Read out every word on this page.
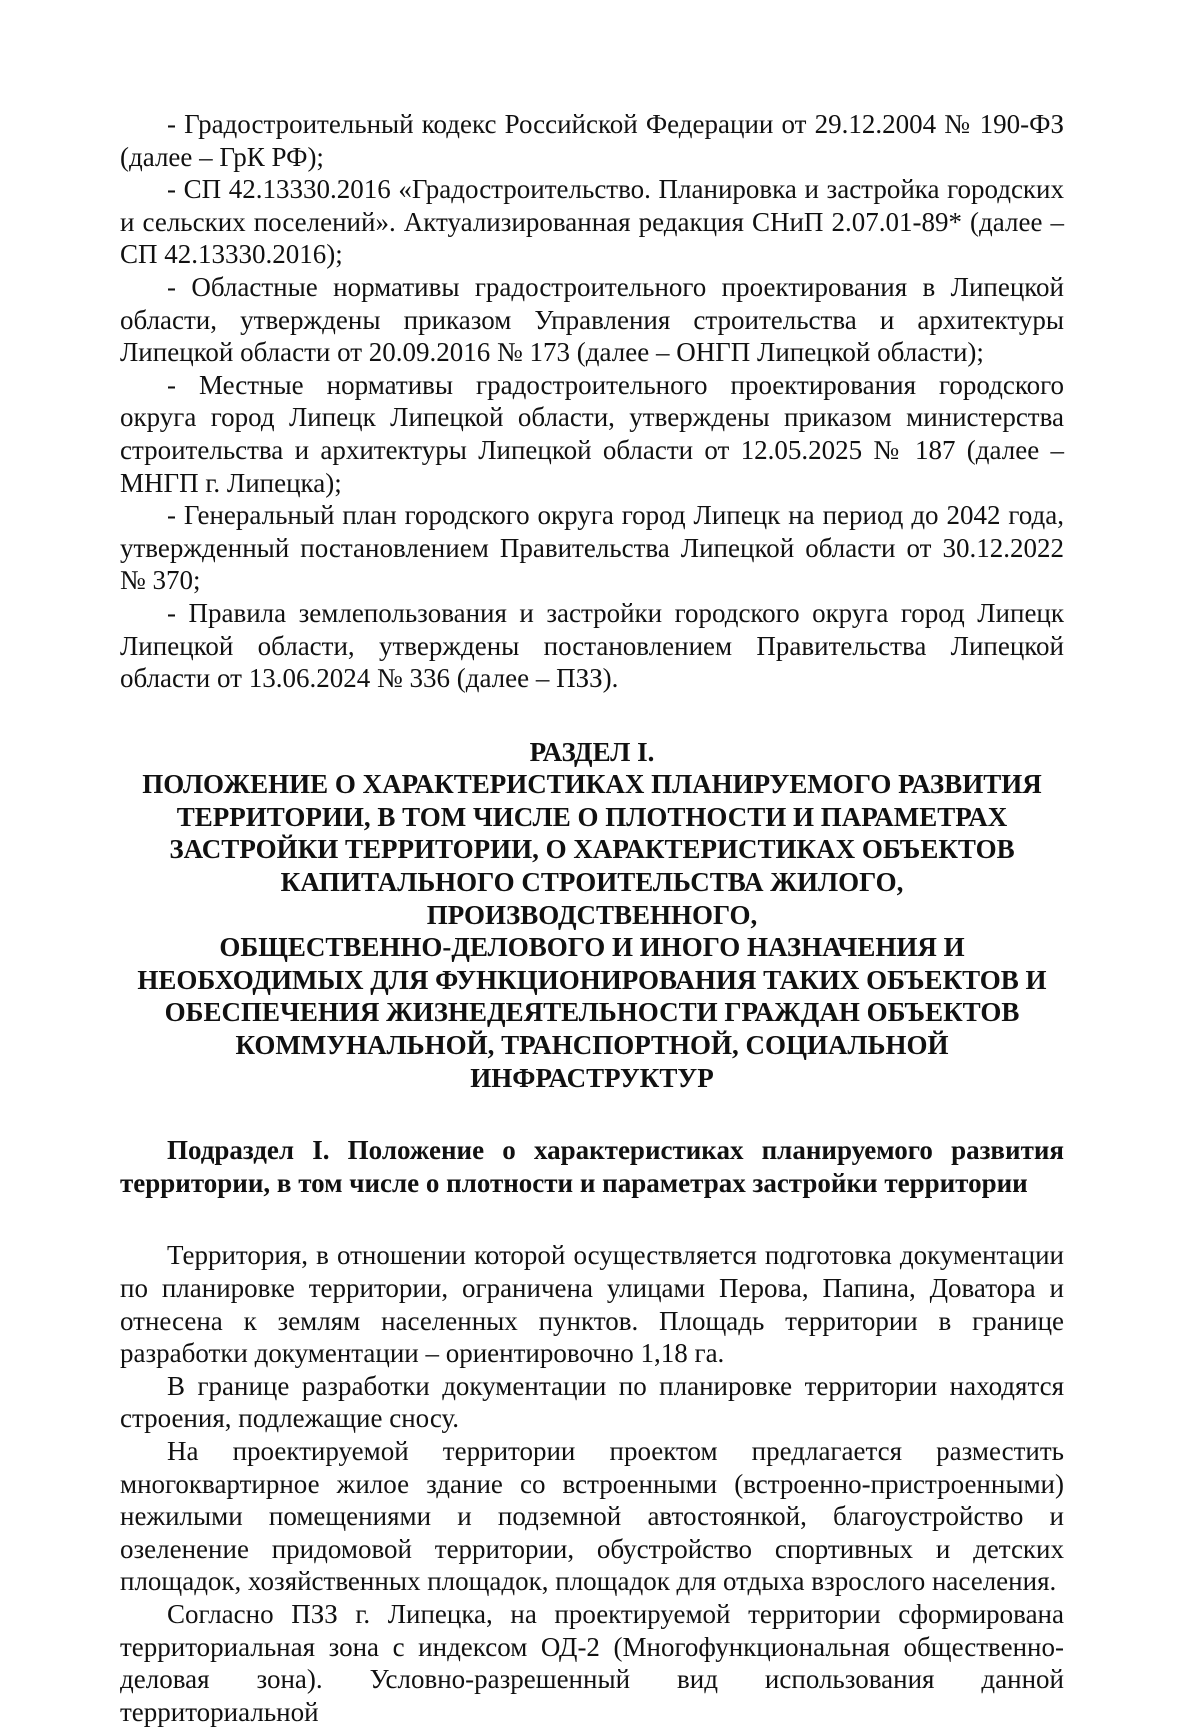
- Градостроительный кодекс Российской Федерации от 29.12.2004 № 190-ФЗ (далее – ГрК РФ);

- СП 42.13330.2016 «Градостроительство. Планировка и застройка городских и сельских поселений». Актуализированная редакция СНиП 2.07.01-89* (далее – СП 42.13330.2016);

- Областные нормативы градостроительного проектирования в Липецкой области, утверждены приказом Управления строительства и архитектуры Липецкой области от 20.09.2016 № 173 (далее – ОНГП Липецкой области);

- Местные нормативы градостроительного проектирования городского округа город Липецк Липецкой области, утверждены приказом министерства строительства и архитектуры Липецкой области от 12.05.2025 № 187 (далее – МНГП г. Липецка);

- Генеральный план городского округа город Липецк на период до 2042 года, утвержденный постановлением Правительства Липецкой области от 30.12.2022 № 370;

- Правила землепользования и застройки городского округа город Липецк Липецкой области, утверждены постановлением Правительства Липецкой области от 13.06.2024 № 336 (далее – ПЗЗ).

РАЗДЕЛ I.
ПОЛОЖЕНИЕ О ХАРАКТЕРИСТИКАХ ПЛАНИРУЕМОГО РАЗВИТИЯ
ТЕРРИТОРИИ, В ТОМ ЧИСЛЕ О ПЛОТНОСТИ И ПАРАМЕТРАХ
ЗАСТРОЙКИ ТЕРРИТОРИИ, О ХАРАКТЕРИСТИКАХ ОБЪЕКТОВ
КАПИТАЛЬНОГО СТРОИТЕЛЬСТВА ЖИЛОГО, ПРОИЗВОДСТВЕННОГО,
ОБЩЕСТВЕННО-ДЕЛОВОГО И ИНОГО НАЗНАЧЕНИЯ И
НЕОБХОДИМЫХ ДЛЯ ФУНКЦИОНИРОВАНИЯ ТАКИХ ОБЪЕКТОВ И
ОБЕСПЕЧЕНИЯ ЖИЗНЕДЕЯТЕЛЬНОСТИ ГРАЖДАН ОБЪЕКТОВ
КОММУНАЛЬНОЙ, ТРАНСПОРТНОЙ, СОЦИАЛЬНОЙ ИНФРАСТРУКТУР

Подраздел I. Положение о характеристиках планируемого развития территории, в том числе о плотности и параметрах застройки территории

Территория, в отношении которой осуществляется подготовка документации по планировке территории, ограничена улицами Перова, Папина, Доватора и отнесена к землям населенных пунктов. Площадь территории в границе разработки документации – ориентировочно 1,18 га.

В границе разработки документации по планировке территории находятся строения, подлежащие сносу.

На проектируемой территории проектом предлагается разместить многоквартирное жилое здание со встроенными (встроенно-пристроенными) нежилыми помещениями и подземной автостоянкой, благоустройство и озеленение придомовой территории, обустройство спортивных и детских площадок, хозяйственных площадок, площадок для отдыха взрослого населения.

Согласно ПЗЗ г. Липецка, на проектируемой территории сформирована территориальная зона с индексом ОД-2 (Многофункциональная общественно-деловая зона). Условно-разрешенный вид использования данной территориальной
